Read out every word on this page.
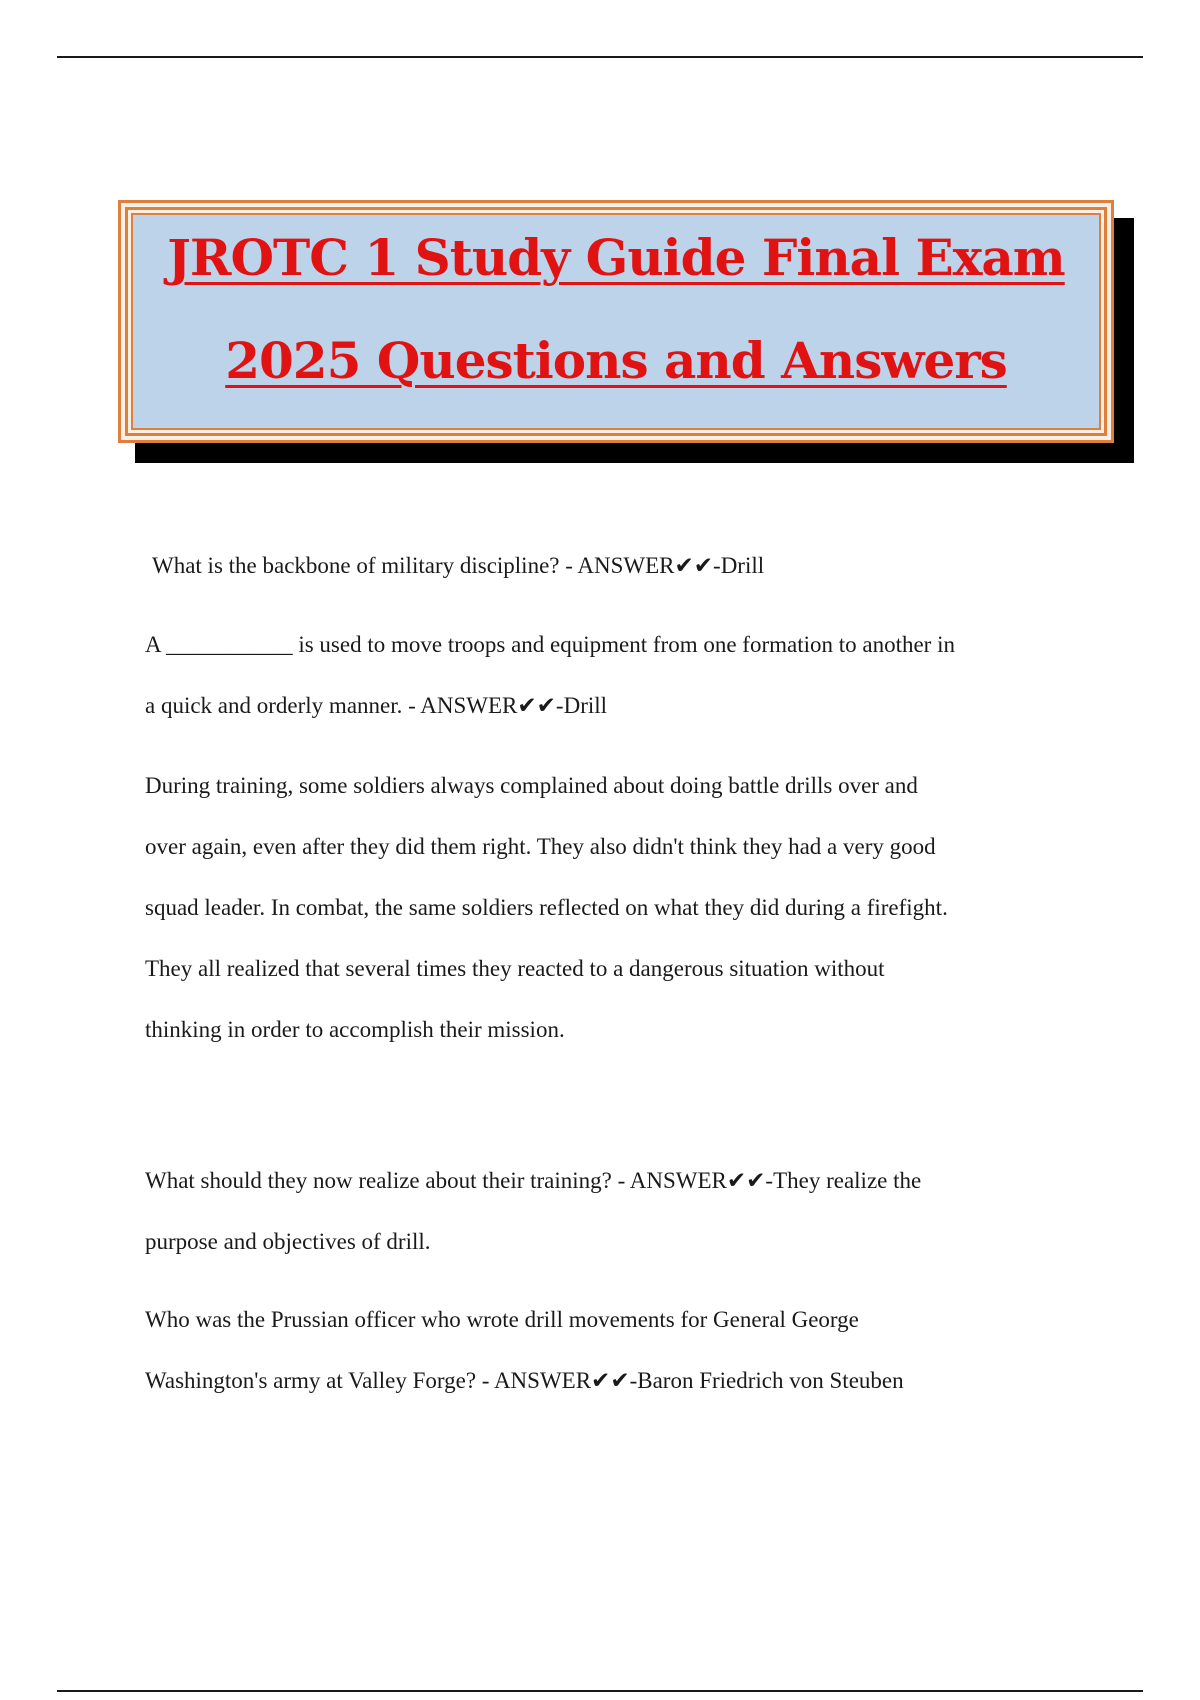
JROTC 1 Study Guide Final Exam
2025 Questions and Answers

What is the backbone of military discipline? - ANSWER✔✔-Drill

A ___________ is used to move troops and equipment from one formation to another in
a quick and orderly manner. - ANSWER✔✔-Drill

During training, some soldiers always complained about doing battle drills over and
over again, even after they did them right. They also didn't think they had a very good
squad leader. In combat, the same soldiers reflected on what they did during a firefight.
They all realized that several times they reacted to a dangerous situation without
thinking in order to accomplish their mission.

What should they now realize about their training? - ANSWER✔✔-They realize the
purpose and objectives of drill.

Who was the Prussian officer who wrote drill movements for General George
Washington's army at Valley Forge? - ANSWER✔✔-Baron Friedrich von Steuben
